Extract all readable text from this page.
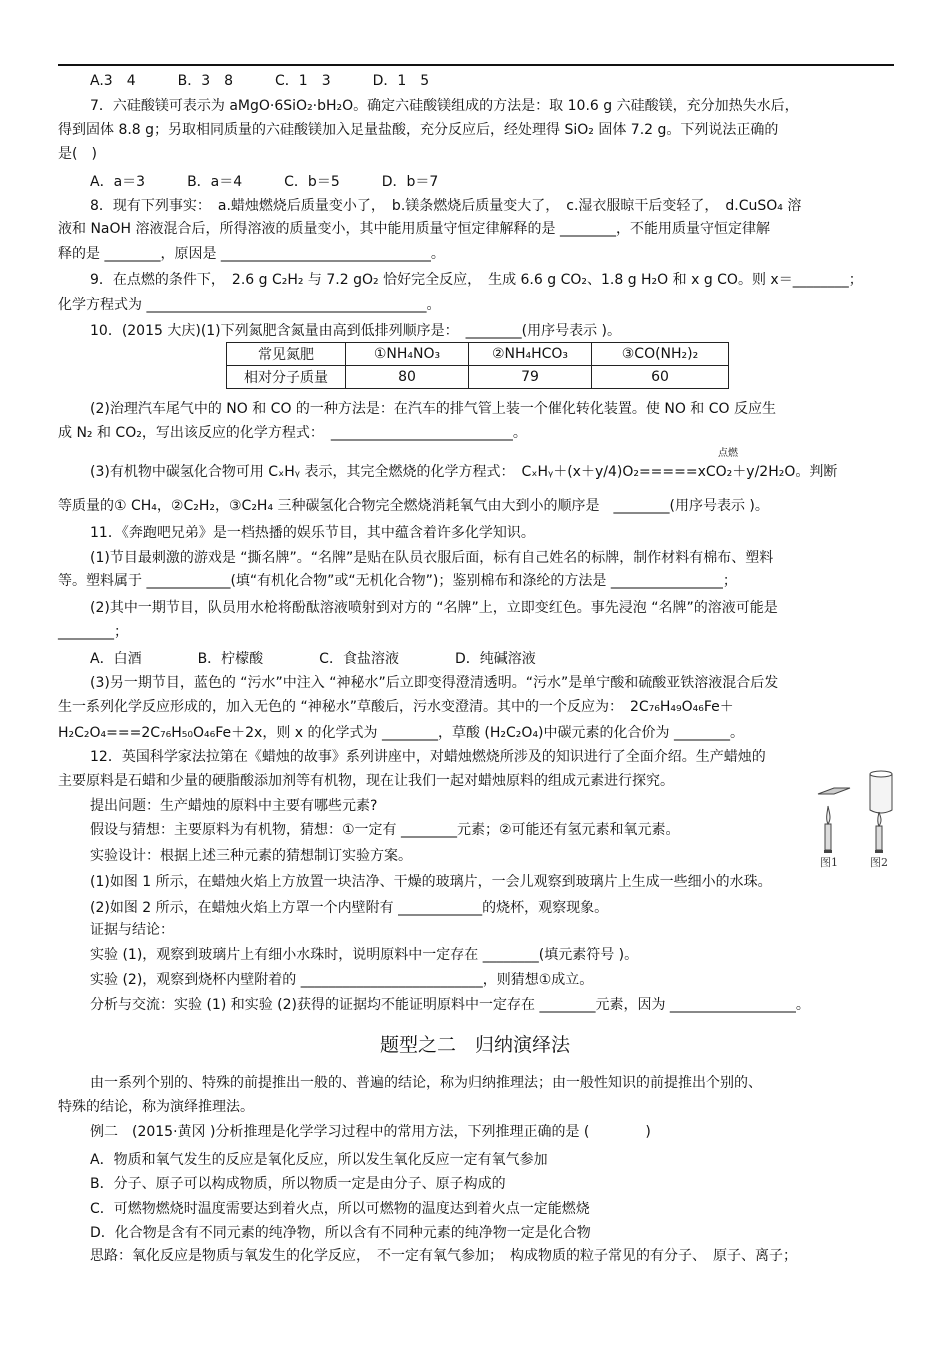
A.3　4　　　B．3　8　　　C．1　3　　　D．1　5
7．六硅酸镁可表示为 aMgO·6SiO₂·bH₂O。确定六硅酸镁组成的方法是：取 10.6 g 六硅酸镁，充分加热失水后，
得到固体 8.8 g；另取相同质量的六硅酸镁加入足量盐酸，充分反应后，经处理得 SiO₂ 固体 7.2 g。下列说法正确的
是(　)
A．a＝3　　　B．a＝4　　　C．b＝5　　　D．b＝7
8．现有下列事实：　a.蜡烛燃烧后质量变小了，　b.镁条燃烧后质量变大了，　c.湿衣服晾干后变轻了，　d.CuSO₄ 溶
液和 NaOH 溶液混合后，所得溶液的质量变小，其中能用质量守恒定律解释的是 ________，不能用质量守恒定律解
释的是 ________，原因是 ______________________________。
9．在点燃的条件下，　2.6 g C₂H₂ 与 7.2 gO₂ 恰好完全反应，　生成 6.6 g CO₂、1.8 g H₂O 和 x g CO。则 x＝________；
化学方程式为 ________________________________________。
10．(2015 大庆)(1)下列氮肥含氮量由高到低排列顺序是：　________(用序号表示 )。
常见氮肥	①NH₄NO₃	②NH₄HCO₃	③CO(NH₂)₂
相对分子质量	80	79	60
(2)治理汽车尾气中的 NO 和 CO 的一种方法是：在汽车的排气管上装一个催化转化装置。使 NO 和 CO 反应生
成 N₂ 和 CO₂，写出该反应的化学方程式：　__________________________。
点燃
(3)有机物中碳氢化合物可用 CₓHᵧ 表示，其完全燃烧的化学方程式：　CₓHᵧ＋(x＋y/4)O₂=====xCO₂＋y/2H₂O。判断
等质量的① CH₄，②C₂H₂，③C₂H₄ 三种碳氢化合物完全燃烧消耗氧气由大到小的顺序是　________(用序号表示 )。
11．《奔跑吧兄弟》是一档热播的娱乐节目，其中蕴含着许多化学知识。
(1)节目最刺激的游戏是 “撕名牌”。“名牌”是贴在队员衣服后面，标有自己姓名的标牌，制作材料有棉布、塑料
等。塑料属于 ____________(填“有机化合物”或“无机化合物”)；鉴别棉布和涤纶的方法是 ________________；
(2)其中一期节目，队员用水枪将酚酞溶液喷射到对方的 “名牌”上，立即变红色。事先浸泡 “名牌”的溶液可能是
________；
A．白酒　　　　B．柠檬酸　　　　C．食盐溶液　　　　D．纯碱溶液
(3)另一期节目，蓝色的 “污水”中注入 “神秘水”后立即变得澄清透明。“污水”是单宁酸和硫酸亚铁溶液混合后发
生一系列化学反应形成的，加入无色的 “神秘水”草酸后，污水变澄清。其中的一个反应为：　2C₇₆H₄₉O₄₆Fe＋
H₂C₂O₄===2C₇₆H₅₀O₄₆Fe＋2x，则 x 的化学式为 ________，草酸 (H₂C₂O₄)中碳元素的化合价为 ________。
12．英国科学家法拉第在《蜡烛的故事》系列讲座中，对蜡烛燃烧所涉及的知识进行了全面介绍。生产蜡烛的
主要原料是石蜡和少量的硬脂酸添加剂等有机物，现在让我们一起对蜡烛原料的组成元素进行探究。
提出问题：生产蜡烛的原料中主要有哪些元素?
假设与猜想：主要原料为有机物，猜想：①一定有 ________元素；②可能还有氢元素和氧元素。
实验设计：根据上述三种元素的猜想制订实验方案。
(1)如图 1 所示，在蜡烛火焰上方放置一块洁净、干燥的玻璃片，一会儿观察到玻璃片上生成一些细小的水珠。
(2)如图 2 所示，在蜡烛火焰上方罩一个内壁附有 ____________的烧杯，观察现象。
证据与结论：
实验 (1)，观察到玻璃片上有细小水珠时，说明原料中一定存在 ________(填元素符号 )。
实验 (2)，观察到烧杯内壁附着的 __________________________，则猜想①成立。
分析与交流：实验 (1) 和实验 (2)获得的证据均不能证明原料中一定存在 ________元素，因为 __________________。
图1	图2
题型之二　归纳演绎法
由一系列个别的、特殊的前提推出一般的、普遍的结论，称为归纳推理法；由一般性知识的前提推出个别的、
特殊的结论，称为演绎推理法。
例二　(2015·黄冈 )分析推理是化学学习过程中的常用方法，下列推理正确的是 (　　　　)
A．物质和氧气发生的反应是氧化反应，所以发生氧化反应一定有氧气参加
B．分子、原子可以构成物质，所以物质一定是由分子、原子构成的
C．可燃物燃烧时温度需要达到着火点，所以可燃物的温度达到着火点一定能燃烧
D．化合物是含有不同元素的纯净物，所以含有不同种元素的纯净物一定是化合物
思路：氧化反应是物质与氧发生的化学反应，　不一定有氧气参加；　构成物质的粒子常见的有分子、　原子、离子；
